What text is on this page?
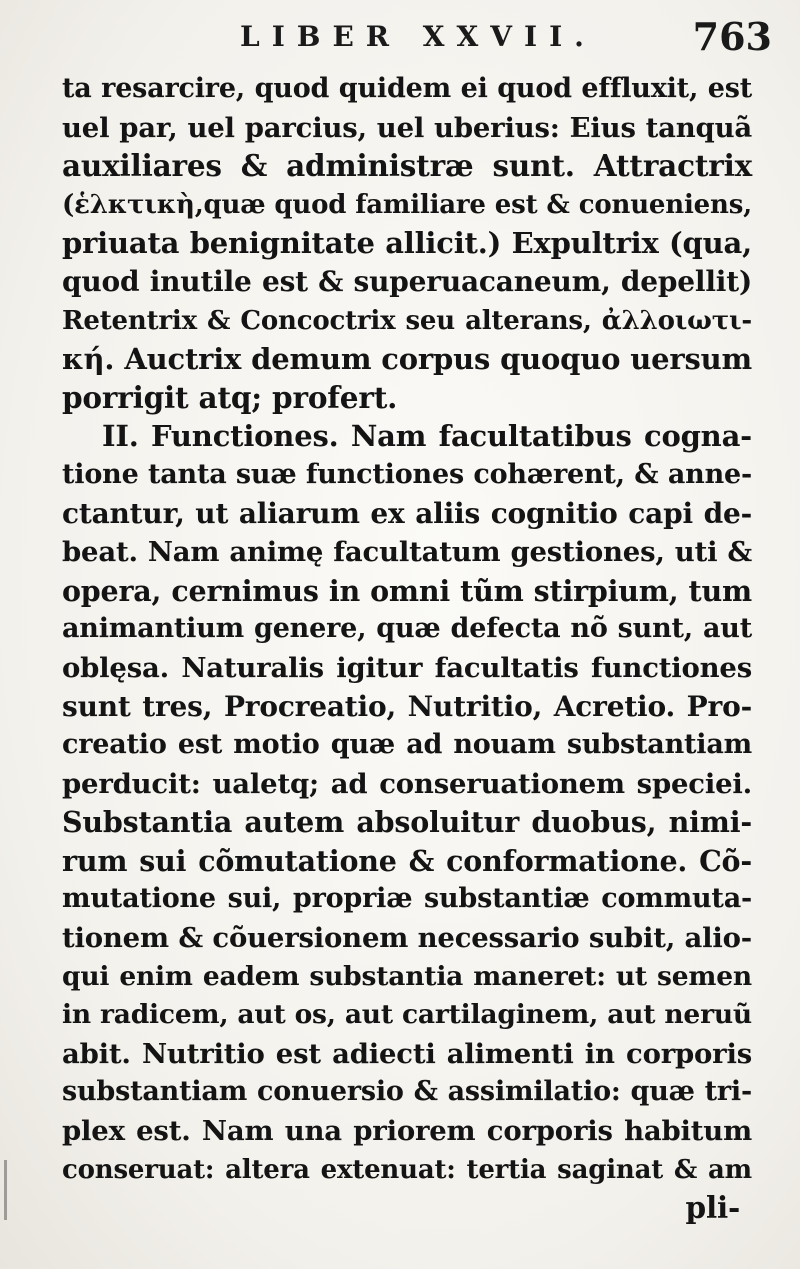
LIBER XXVII.	763
ta resarcire, quod quidem ei quod effluxit, est
uel par, uel parcius, uel uberius: Eius tanquã
auxiliares & administræ sunt. Attractrix
(ἑλκτικὴ,quæ quod familiare est & conueniens,
priuata benignitate allicit.) Expultrix (qua,
quod inutile est & superuacaneum, depellit)
Retentrix & Concoctrix seu alterans, ἀλλοιωτι-
κή. Auctrix demum corpus quoquo uersum
porrigit atq; profert.
II. Functiones. Nam facultatibus cogna-
tione tanta suæ functiones cohærent, & anne-
ctantur, ut aliarum ex aliis cognitio capi de-
beat. Nam animę facultatum gestiones, uti &
opera, cernimus in omni tũm stirpium, tum
animantium genere, quæ defecta nõ sunt, aut
oblęsa. Naturalis igitur facultatis functiones
sunt tres, Procreatio, Nutritio, Acretio. Pro-
creatio est motio quæ ad nouam substantiam
perducit: ualetq; ad conseruationem speciei.
Substantia autem absoluitur duobus, nimi-
rum sui cõmutatione & conformatione. Cõ-
mutatione sui, propriæ substantiæ commuta-
tionem & cõuersionem necessario subit, alio-
qui enim eadem substantia maneret: ut semen
in radicem, aut os, aut cartilaginem, aut neruũ
abit. Nutritio est adiecti alimenti in corporis
substantiam conuersio & assimilatio: quæ tri-
plex est. Nam una priorem corporis habitum
conseruat: altera extenuat: tertia saginat & am
pli-
